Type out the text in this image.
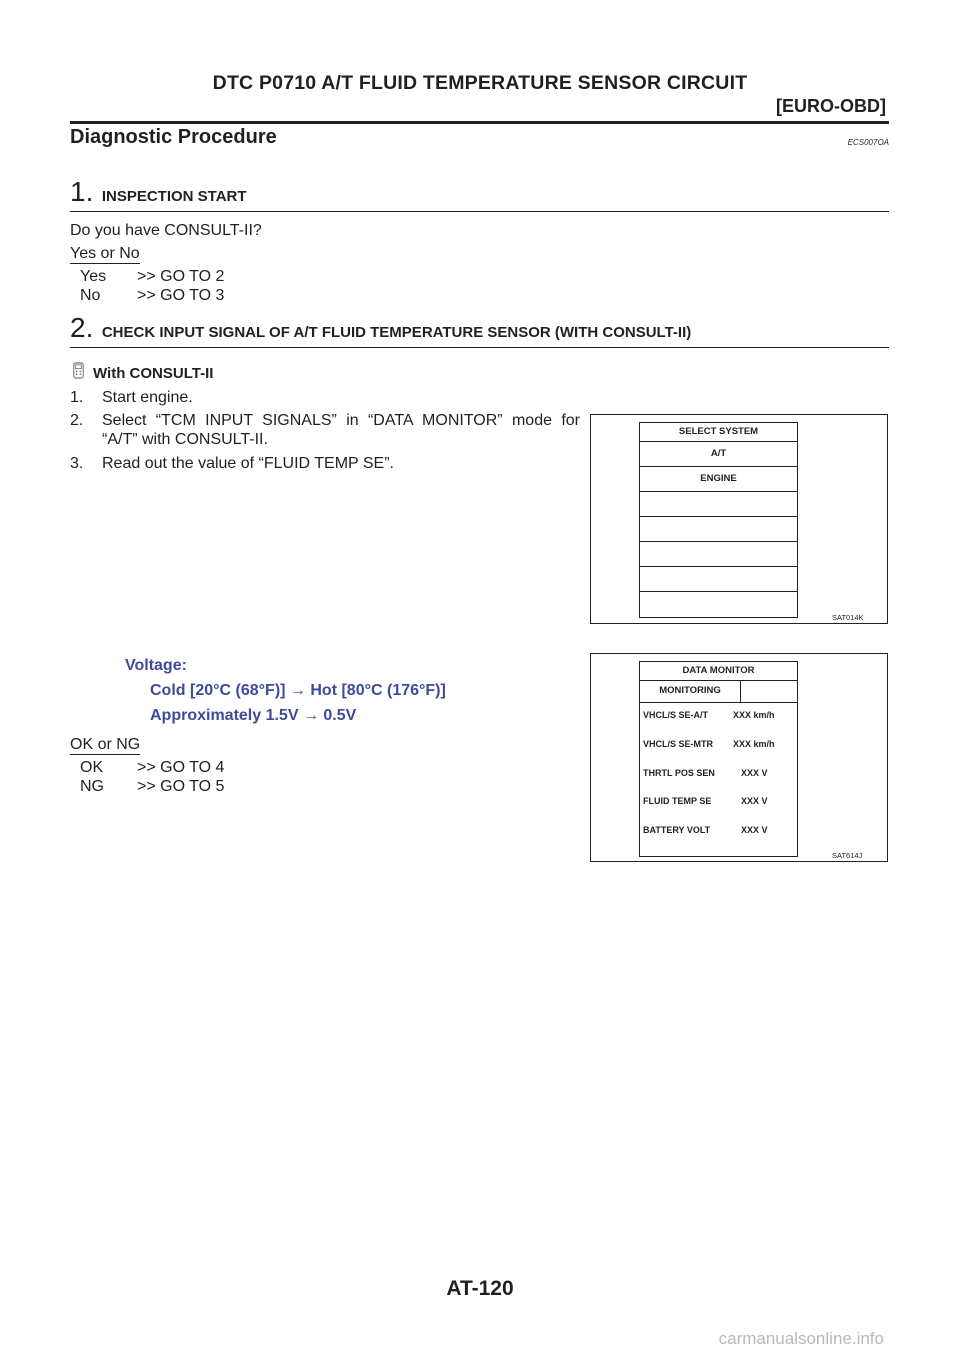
DTC P0710 A/T FLUID TEMPERATURE SENSOR CIRCUIT
[EURO-OBD]
Diagnostic Procedure	ECS007OA
1. INSPECTION START
Do you have CONSULT-II?
Yes or No
Yes >> GO TO 2
No >> GO TO 3
2. CHECK INPUT SIGNAL OF A/T FLUID TEMPERATURE SENSOR (WITH CONSULT-II)
With CONSULT-II
1. Start engine.
2. Select “TCM INPUT SIGNALS” in “DATA MONITOR” mode for
“A/T” with CONSULT-II.
3. Read out the value of “FLUID TEMP SE”.
SELECT SYSTEM
A/T
ENGINE
SAT014K
Voltage:
Cold [20°C (68°F)] → Hot [80°C (176°F)]
Approximately 1.5V → 0.5V
OK or NG
OK >> GO TO 4
NG >> GO TO 5
DATA MONITOR
MONITORING
VHCL/S SE-A/T	XXX km/h
VHCL/S SE-MTR XXX km/h
THRTL POS SEN	XXX V
FLUID TEMP SE	XXX V
BATTERY VOLT	XXX V
SAT614J
AT-120
carmanualsonline.info
